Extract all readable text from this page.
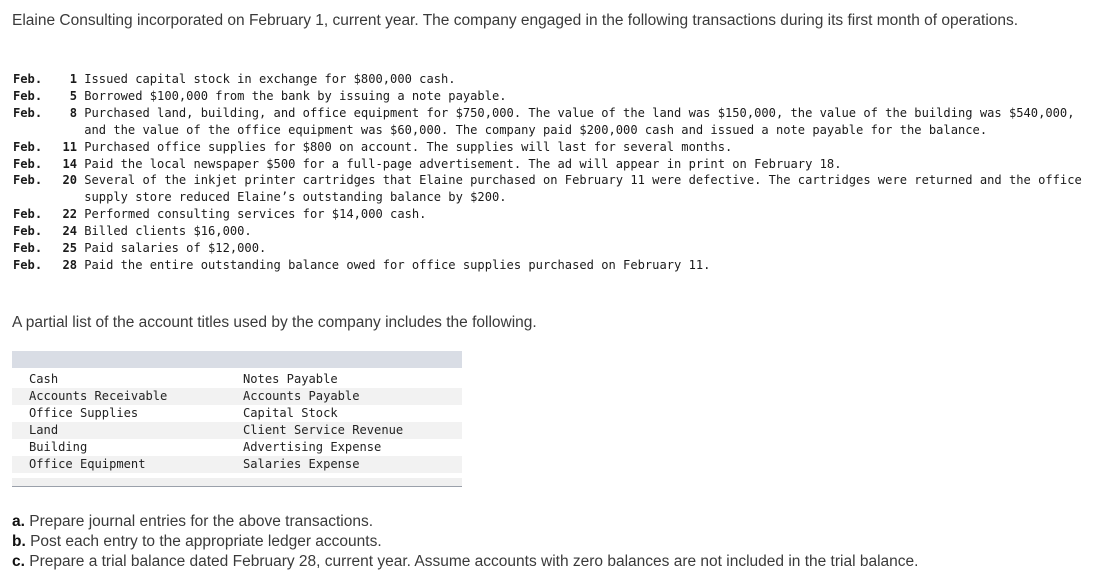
Elaine Consulting incorporated on February 1, current year. The company engaged in the following transactions during its first month of operations.
Feb.	1 Issued capital stock in exchange for $800,000 cash.
Feb.	5 Borrowed $100,000 from the bank by issuing a note payable.
Feb.	8 Purchased land, building, and office equipment for $750,000. The value of the land was $150,000, the value of the building was $540,000, and the value of the office equipment was $60,000. The company paid $200,000 cash and issued a note payable for the balance.
Feb.	11 Purchased office supplies for $800 on account. The supplies will last for several months.
Feb.	14 Paid the local newspaper $500 for a full-page advertisement. The ad will appear in print on February 18.
Feb.	20 Several of the inkjet printer cartridges that Elaine purchased on February 11 were defective. The cartridges were returned and the office supply store reduced Elaine’s outstanding balance by $200.
Feb.	22 Performed consulting services for $14,000 cash.
Feb.	24 Billed clients $16,000.
Feb.	25 Paid salaries of $12,000.
Feb.	28 Paid the entire outstanding balance owed for office supplies purchased on February 11.
A partial list of the account titles used by the company includes the following.
Cash	Notes Payable
Accounts Receivable	Accounts Payable
Office Supplies	Capital Stock
Land	Client Service Revenue
Building	Advertising Expense
Office Equipment	Salaries Expense
a. Prepare journal entries for the above transactions.
b. Post each entry to the appropriate ledger accounts.
c. Prepare a trial balance dated February 28, current year. Assume accounts with zero balances are not included in the trial balance.
